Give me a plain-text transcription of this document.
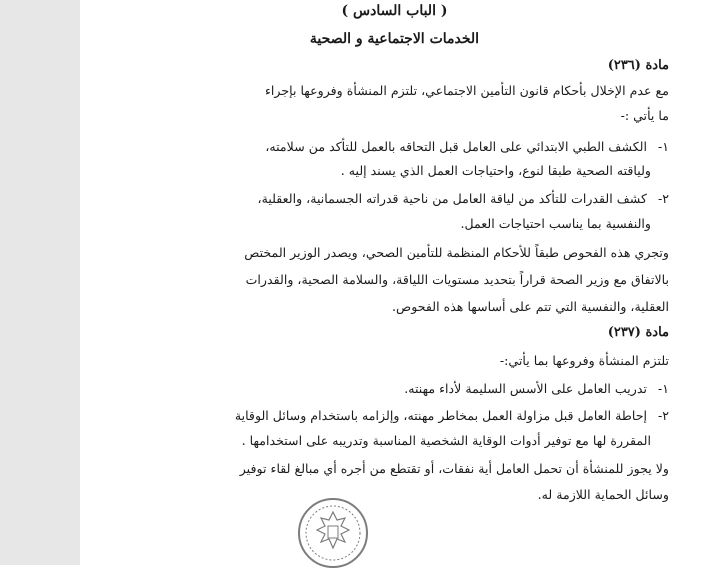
( الباب السادس )
الخدمات الاجتماعية و الصحية
مادة (٢٣٦)
مع عدم الإخلال بأحكام قانون التأمين الاجتماعي، تلتزم المنشأة وفروعها بإجراء
ما يأتي :-
١-
الكشف الطبي الابتدائي على العامل قبل التحاقه بالعمل للتأكد من سلامته،
ولياقته الصحية طبقا لنوع، واحتياجات العمل الذي يسند إليه .
٢-
كشف القدرات للتأكد من لياقة العامل من ناحية قدراته الجسمانية، والعقلية،
والنفسية بما يناسب احتياجات العمل.
وتجري هذه الفحوص طبقاً للأحكام المنظمة للتأمين الصحي، ويصدر الوزير المختص
بالاتفاق مع وزير الصحة قراراً بتحديد مستويات اللياقة، والسلامة الصحية، والقدرات
العقلية، والنفسية التي تتم على أساسها هذه الفحوص.
مادة (٢٣٧)
تلتزم المنشأة وفروعها بما يأتي:-
١-
تدريب العامل على الأسس السليمة لأداء مهنته.
٢-
إحاطة العامل قبل مزاولة العمل بمخاطر مهنته، وإلزامه باستخدام وسائل الوقاية
المقررة لها مع توفير أدوات الوقاية الشخصية المناسبة وتدريبه على استخدامها .
ولا يجوز للمنشأة أن تحمل العامل أية نفقات، أو تقتطع من أجره أي مبالغ لقاء توفير
وسائل الحماية اللازمة له.
